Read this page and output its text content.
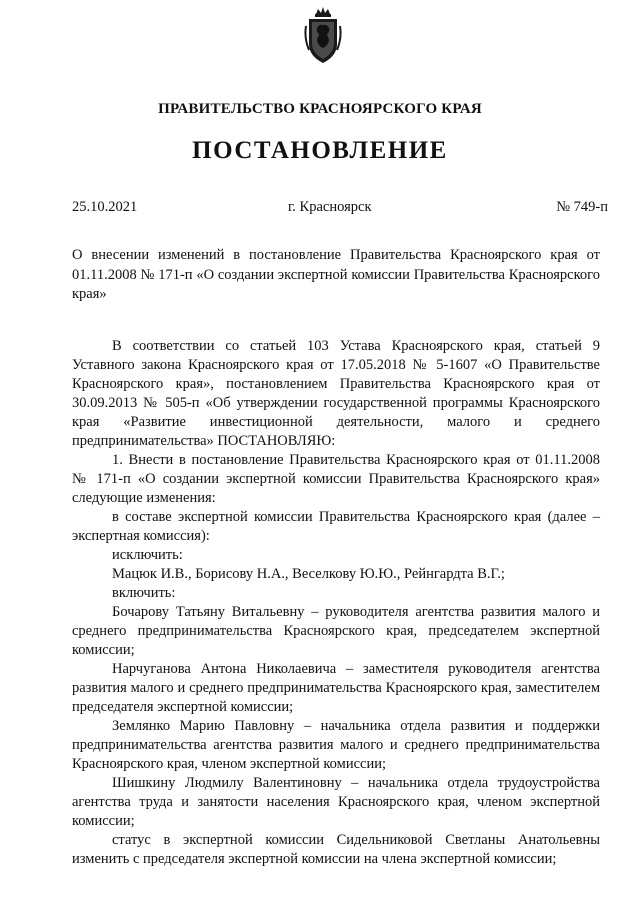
ПРАВИТЕЛЬСТВО КРАСНОЯРСКОГО КРАЯ
ПОСТАНОВЛЕНИЕ
25.10.2021	г. Красноярск	№ 749-п
О внесении изменений в постановление Правительства Красноярского края от 01.11.2008 № 171-п «О создании экспертной комиссии Правительства Красноярского края»

В соответствии со статьей 103 Устава Красноярского края, статьей 9 Уставного закона Красноярского края от 17.05.2018 № 5-1607 «О Правительстве Красноярского края», постановлением Правительства Красноярского края от 30.09.2013 № 505-п «Об утверждении государственной программы Красноярского края «Развитие инвестиционной деятельности, малого и среднего предпринимательства» ПОСТАНОВЛЯЮ:

1. Внести в постановление Правительства Красноярского края от 01.11.2008 № 171-п «О создании экспертной комиссии Правительства Красноярского края» следующие изменения:

в составе экспертной комиссии Правительства Красноярского края (далее – экспертная комиссия):

исключить:

Мацюк И.В., Борисову Н.А., Веселкову Ю.Ю., Рейнгардта В.Г.;

включить:

Бочарову Татьяну Витальевну – руководителя агентства развития малого и среднего предпринимательства Красноярского края, председателем экспертной комиссии;

Нарчуганова Антона Николаевича – заместителя руководителя агентства развития малого и среднего предпринимательства Красноярского края, заместителем председателя экспертной комиссии;

Землянко Марию Павловну – начальника отдела развития и поддержки предпринимательства агентства развития малого и среднего предпринимательства Красноярского края, членом экспертной комиссии;

Шишкину Людмилу Валентиновну – начальника отдела трудоустройства агентства труда и занятости населения Красноярского края, членом экспертной комиссии;

статус в экспертной комиссии Сидельниковой Светланы Анатольевны изменить с председателя экспертной комиссии на члена экспертной комиссии;
